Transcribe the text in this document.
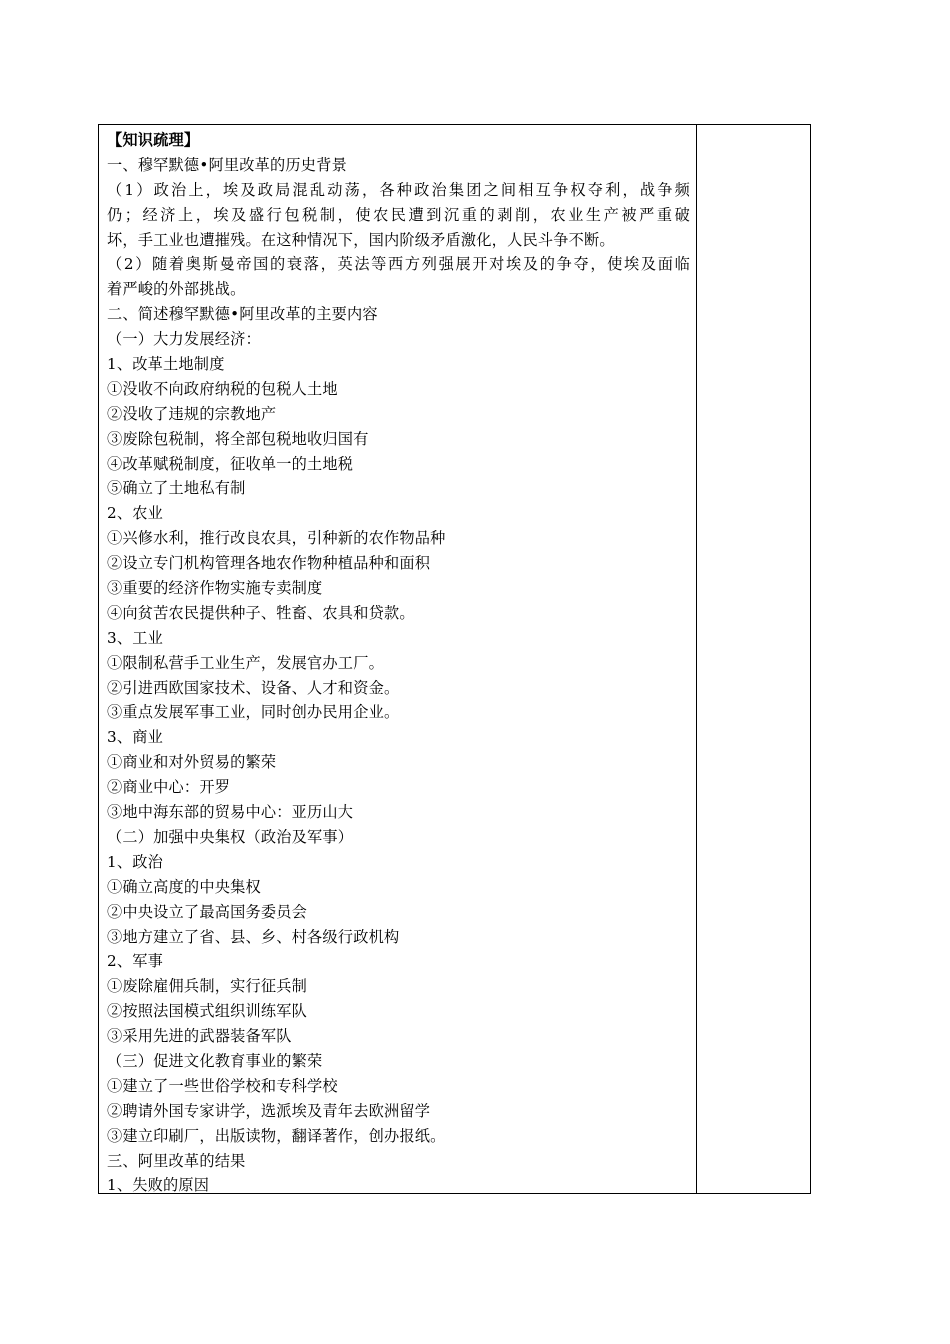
【知识疏理】
一、穆罕默德•阿里改革的历史背景
（1）政治上，埃及政局混乱动荡，各种政治集团之间相互争权夺利，战争频
仍；经济上，埃及盛行包税制，使农民遭到沉重的剥削，农业生产被严重破
坏，手工业也遭摧残。在这种情况下，国内阶级矛盾激化，人民斗争不断。
（2）随着奥斯曼帝国的衰落，英法等西方列强展开对埃及的争夺，使埃及面临
着严峻的外部挑战。
二、简述穆罕默德•阿里改革的主要内容
（一）大力发展经济：
1、改革土地制度
①没收不向政府纳税的包税人土地
②没收了违规的宗教地产
③废除包税制，将全部包税地收归国有
④改革赋税制度，征收单一的土地税
⑤确立了土地私有制
2、农业
①兴修水利，推行改良农具，引种新的农作物品种
②设立专门机构管理各地农作物种植品种和面积
③重要的经济作物实施专卖制度
④向贫苦农民提供种子、牲畜、农具和贷款。
3、工业
①限制私营手工业生产，发展官办工厂。
②引进西欧国家技术、设备、人才和资金。
③重点发展军事工业，同时创办民用企业。
3、商业
①商业和对外贸易的繁荣
②商业中心：开罗
③地中海东部的贸易中心：亚历山大
（二）加强中央集权（政治及军事）
1、政治
①确立高度的中央集权
②中央设立了最高国务委员会
③地方建立了省、县、乡、村各级行政机构
2、军事
①废除雇佣兵制，实行征兵制
②按照法国模式组织训练军队
③采用先进的武器装备军队
（三）促进文化教育事业的繁荣
①建立了一些世俗学校和专科学校
②聘请外国专家讲学，选派埃及青年去欧洲留学
③建立印刷厂，出版读物，翻译著作，创办报纸。
三、阿里改革的结果
1、失败的原因
